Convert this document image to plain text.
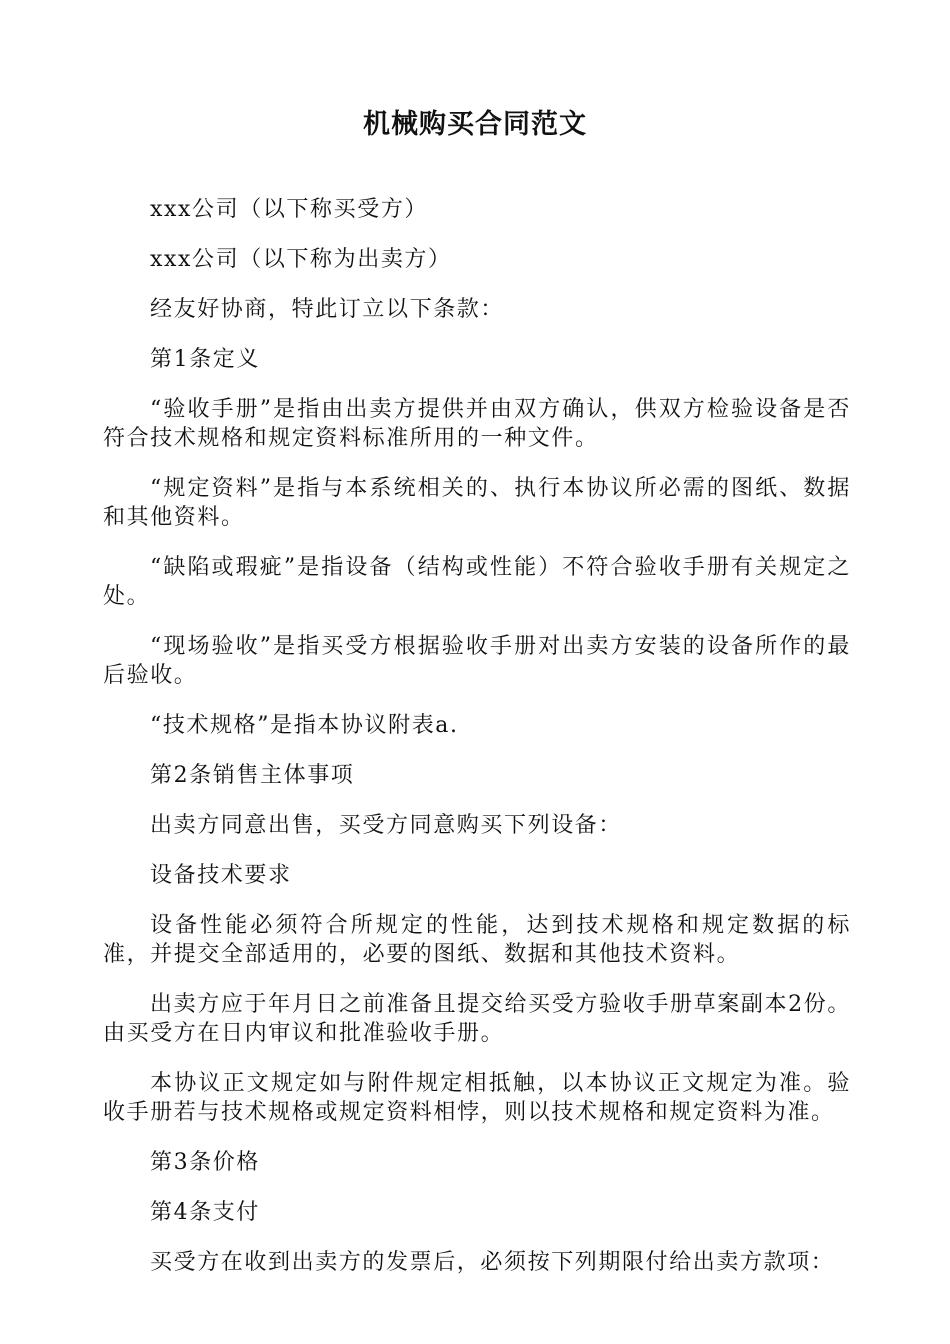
机械购买合同范文

xxx公司（以下称买受方）

xxx公司（以下称为出卖方）

经友好协商，特此订立以下条款：

第1条定义

“验收手册”是指由出卖方提供并由双方确认，供双方检验设备是否符合技术规格和规定资料标准所用的一种文件。

“规定资料”是指与本系统相关的、执行本协议所必需的图纸、数据和其他资料。

“缺陷或瑕疵”是指设备（结构或性能）不符合验收手册有关规定之处。

“现场验收”是指买受方根据验收手册对出卖方安装的设备所作的最后验收。

“技术规格”是指本协议附表a.

第2条销售主体事项

出卖方同意出售，买受方同意购买下列设备：

设备技术要求

设备性能必须符合所规定的性能，达到技术规格和规定数据的标准，并提交全部适用的，必要的图纸、数据和其他技术资料。

出卖方应于年月日之前准备且提交给买受方验收手册草案副本2份。由买受方在日内审议和批准验收手册。

本协议正文规定如与附件规定相抵触，以本协议正文规定为准。验收手册若与技术规格或规定资料相悖，则以技术规格和规定资料为准。

第3条价格

第4条支付

买受方在收到出卖方的发票后，必须按下列期限付给出卖方款项：
